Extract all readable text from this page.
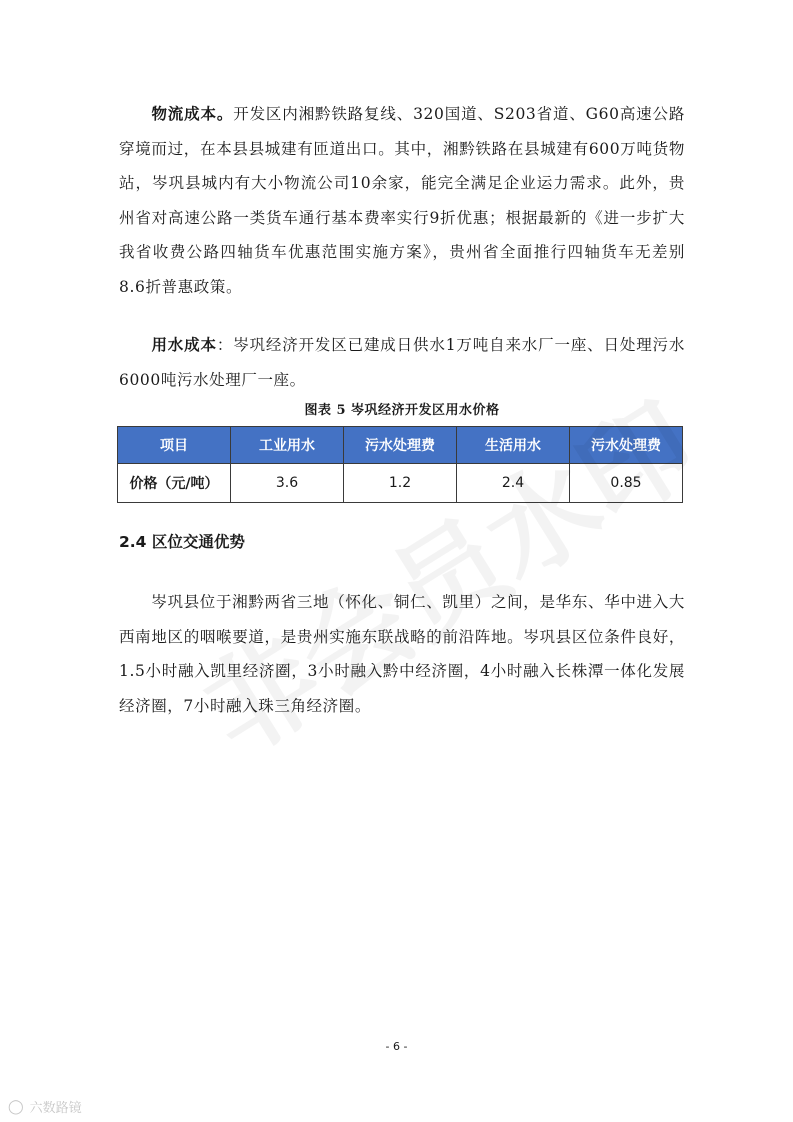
  物流成本。开发区内湘黔铁路复线、320国道、S203省道、G60高速公路穿境而过，在本县县城建有匝道出口。其中，湘黔铁路在县城建有600万吨货物站，岑巩县城内有大小物流公司10余家，能完全满足企业运力需求。此外，贵州省对高速公路一类货车通行基本费率实行9折优惠；根据最新的《进一步扩大我省收费公路四轴货车优惠范围实施方案》，贵州省全面推行四轴货车无差别8.6折普惠政策。

  用水成本：岑巩经济开发区已建成日供水1万吨自来水厂一座、日处理污水6000吨污水处理厂一座。

图表 5 岑巩经济开发区用水价格
项目	工业用水	污水处理费	生活用水	污水处理费
价格（元/吨）	3.6	1.2	2.4	0.85
2.4 区位交通优势

  岑巩县位于湘黔两省三地（怀化、铜仁、凯里）之间，是华东、华中进入大西南地区的咽喉要道，是贵州实施东联战略的前沿阵地。岑巩县区位条件良好，1.5小时融入凯里经济圈，3小时融入黔中经济圈，4小时融入长株潭一体化发展经济圈，7小时融入珠三角经济圈。

- 6 -
◯ 六数路镜
